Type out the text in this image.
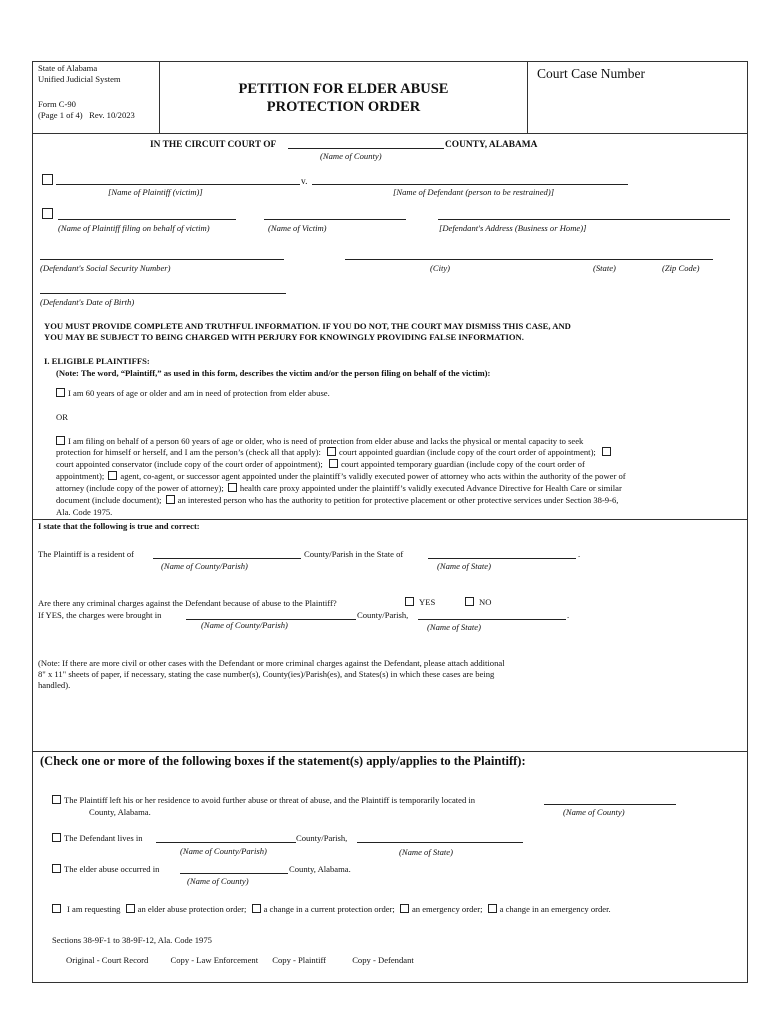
State of Alabama
Unified Judicial System
Form C-90
(Page 1 of 4) Rev. 10/2023
PETITION FOR ELDER ABUSE
PROTECTION ORDER
Court Case Number
IN THE CIRCUIT COURT OF	COUNTY, ALABAMA
(Name of County)
v.
[Name of Plaintiff (victim)]	[Name of Defendant (person to be restrained)]
(Name of Plaintiff filing on behalf of victim)	(Name of Victim)	[Defendant's Address (Business or Home)]
(Defendant's Social Security Number)	(City)	(State)	(Zip Code)
(Defendant's Date of Birth)
YOU MUST PROVIDE COMPLETE AND TRUTHFUL INFORMATION. IF YOU DO NOT, THE COURT MAY DISMISS THIS CASE, AND
YOU MAY BE SUBJECT TO BEING CHARGED WITH PERJURY FOR KNOWINGLY PROVIDING FALSE INFORMATION.
I. ELIGIBLE PLAINTIFFS:
(Note: The word, “Plaintiff,” as used in this form, describes the victim and/or the person filing on behalf of the victim):
I am 60 years of age or older and am in need of protection from elder abuse.
OR
I am filing on behalf of a person 60 years of age or older, who is need of protection from elder abuse and lacks the physical or mental capacity to seek
protection for himself or herself, and I am the person’s (check all that apply): court appointed guardian (include copy of the court order of appointment);
court appointed conservator (include copy of the court order of appointment); court appointed temporary guardian (include copy of the court order of
appointment); agent, co-agent, or successor agent appointed under the plaintiff’s validly executed power of attorney who acts within the authority of the power of
attorney (include copy of the power of attorney); health care proxy appointed under the plaintiff’s validly executed Advance Directive for Health Care or similar
document (include document); an interested person who has the authority to petition for protective placement or other protective services under Section 38-9-6,
Ala. Code 1975.
I state that the following is true and correct:
The Plaintiff is a resident of	County/Parish in the State of	.
(Name of County/Parish)	(Name of State)
Are there any criminal charges against the Defendant because of abuse to the Plaintiff?	YES	NO
If YES, the charges were brought in	County/Parish,	.
(Name of County/Parish)	(Name of State)
(Note: If there are more civil or other cases with the Defendant or more criminal charges against the Defendant, please attach additional
8" x 11" sheets of paper, if necessary, stating the case number(s), County(ies)/Parish(es), and States(s) in which these cases are being
handled).
(Check one or more of the following boxes if the statement(s) apply/applies to the Plaintiff):
The Plaintiff left his or her residence to avoid further abuse or threat of abuse, and the Plaintiff is temporarily located in
County, Alabama.	(Name of County)
The Defendant lives in	County/Parish,
(Name of County/Parish)	(Name of State)
The elder abuse occurred in	County, Alabama.
(Name of County)
I am requesting an elder abuse protection order; a change in a current protection order; an emergency order; a change in an emergency order.
Sections 38-9F-1 to 38-9F-12, Ala. Code 1975
Original - Court Record	Copy - Law Enforcement Copy - Plaintiff	Copy - Defendant
